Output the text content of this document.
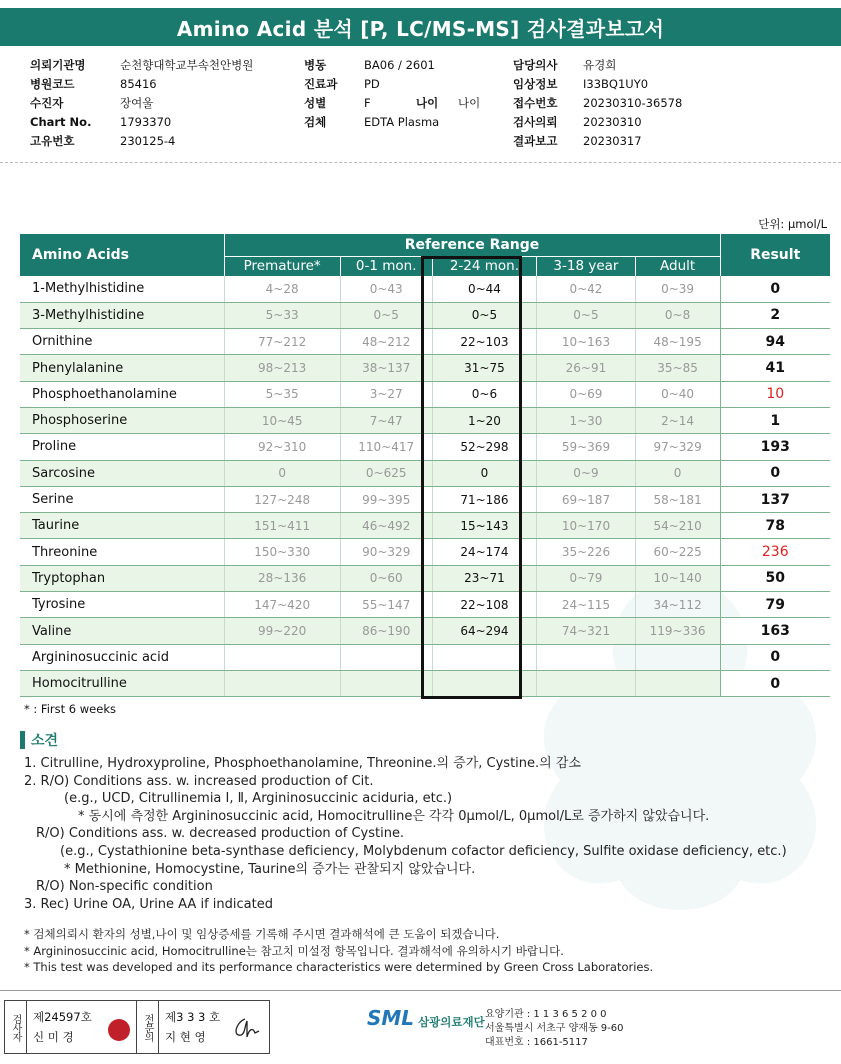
Amino Acid 분석 [P, LC/MS-MS] 검사결과보고서
의뢰기관명	순천향대학교부속천안병원
병원코드	85416
수진자	장여울
Chart No.	1793370
고유번호	230125-4
병동	BA06 / 2601
진료과	PD
성별	F	나이	나이
검체	EDTA Plasma
담당의사	유경희
임상정보	I33BQ1UY0
접수번호	20230310-36578
검사의뢰	20230310
결과보고	20230317
단위: μmol/L
Amino Acids	Reference Range					Result
	Premature*	0-1 mon.	2-24 mon.	3-18 year	Adult	
1-Methylhistidine	4~28	0~43	0~44	0~42	0~39	0
3-Methylhistidine	5~33	0~5	0~5	0~5	0~8	2
Ornithine	77~212	48~212	22~103	10~163	48~195	94
Phenylalanine	98~213	38~137	31~75	26~91	35~85	41
Phosphoethanolamine	5~35	3~27	0~6	0~69	0~40	10
Phosphoserine	10~45	7~47	1~20	1~30	2~14	1
Proline	92~310	110~417	52~298	59~369	97~329	193
Sarcosine	0	0~625	0	0~9	0	0
Serine	127~248	99~395	71~186	69~187	58~181	137
Taurine	151~411	46~492	15~143	10~170	54~210	78
Threonine	150~330	90~329	24~174	35~226	60~225	236
Tryptophan	28~136	0~60	23~71	0~79	10~140	50
Tyrosine	147~420	55~147	22~108	24~115	34~112	79
Valine	99~220	86~190	64~294	74~321	119~336	163
Argininosuccinic acid						0
Homocitrulline						0
* : First 6 weeks
소견
1. Citrulline, Hydroxyproline, Phosphoethanolamine, Threonine.의 증가, Cystine.의 감소
2. R/O) Conditions ass. w. increased production of Cit.
(e.g., UCD, Citrullinemia Ⅰ, Ⅱ, Argininosuccinic aciduria, etc.)
* 동시에 측정한 Argininosuccinic acid, Homocitrulline은 각각 0μmol/L, 0μmol/L로 증가하지 않았습니다.
R/O) Conditions ass. w. decreased production of Cystine.
(e.g., Cystathionine beta-synthase deficiency, Molybdenum cofactor deficiency, Sulfite oxidase deficiency, etc.)
* Methionine, Homocystine, Taurine의 증가는 관찰되지 않았습니다.
R/O) Non-specific condition
3. Rec) Urine OA, Urine AA if indicated
* 검체의뢰시 환자의 성별,나이 및 임상증세를 기록해 주시면 결과해석에 큰 도움이 되겠습니다.
* Argininosuccinic acid, Homocitrulline는 참고치 미설정 항목입니다. 결과해석에 유의하시기 바랍니다.
* This test was developed and its performance characteristics were determined by Green Cross Laboratories.
검사자	제24597호
신 미 경	전문의	제3 3 3 호
지 현 영
SML 삼광의료재단
요양기관 : 1 1 3 6 5 2 0 0
서울특별시 서초구 양재동 9-60
대표번호 : 1661-5117
